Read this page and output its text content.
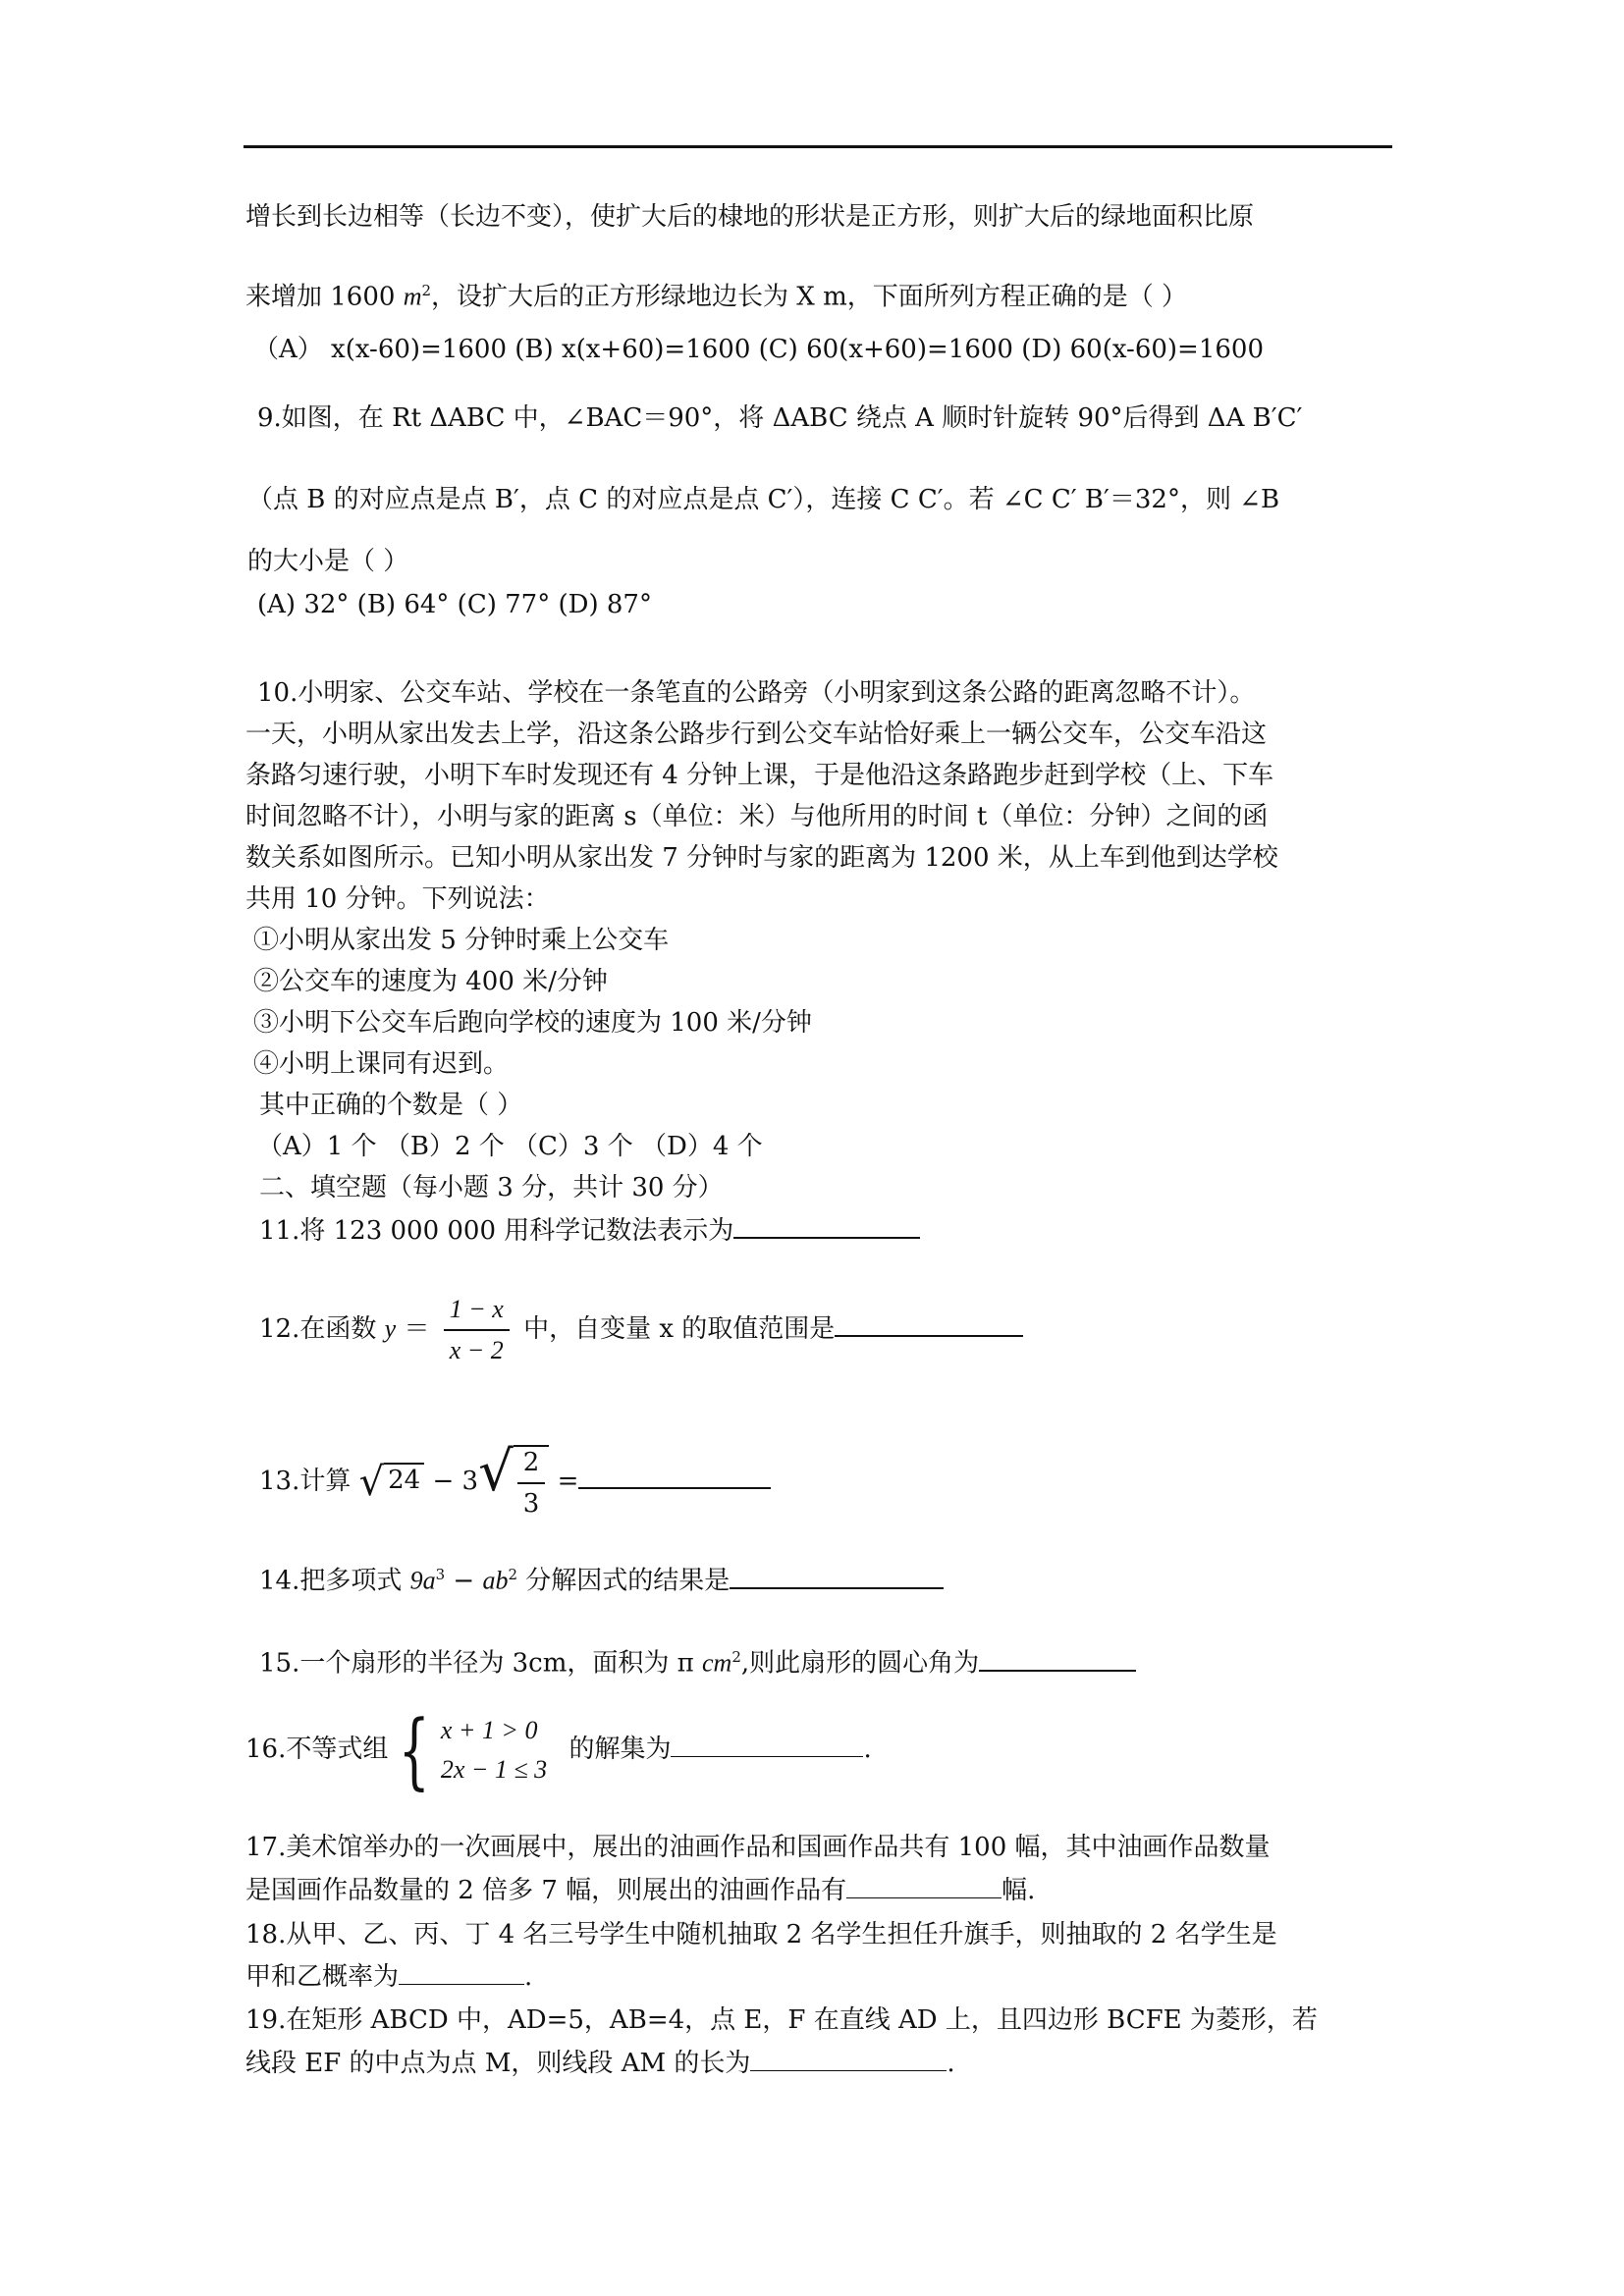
增长到长边相等（长边不变），使扩大后的棣地的形状是正方形，则扩大后的绿地面积比原
来增加 1600 $m^2$，设扩大后的正方形绿地边长为 X m，下面所列方程正确的是（ ）
（A） x(x-60)=1600 (B) x(x+60)=1600 (C) 60(x+60)=1600 (D) 60(x-60)=1600
9.如图，在 Rt ΔABC 中，∠BAC＝90°，将 ΔABC 绕点 A 顺时针旋转 90°后得到 ΔA B′C′
（点 B 的对应点是点 B′，点 C 的对应点是点 C′），连接 C C′。若 ∠C C′ B′＝32°，则 ∠B
的大小是（ ）
(A) 32° (B) 64° (C) 77° (D) 87°
10.小明家、公交车站、学校在一条笔直的公路旁（小明家到这条公路的距离忽略不计）。
一天，小明从家出发去上学，沿这条公路步行到公交车站恰好乘上一辆公交车，公交车沿这
条路匀速行驶，小明下车时发现还有 4 分钟上课，于是他沿这条路跑步赶到学校（上、下车
时间忽略不计），小明与家的距离 s（单位：米）与他所用的时间 t（单位：分钟）之间的函
数关系如图所示。已知小明从家出发 7 分钟时与家的距离为 1200 米，从上车到他到达学校
共用 10 分钟。下列说法：
①小明从家出发 5 分钟时乘上公交车
②公交车的速度为 400 米/分钟
③小明下公交车后跑向学校的速度为 100 米/分钟
④小明上课同有迟到。
其中正确的个数是（ ）
（A）1 个 （B）2 个 （C）3 个 （D）4 个
二、填空题（每小题 3 分，共计 30 分）
11.将 123 000 000 用科学记数法表示为
12.在函数 $y = \frac{1 - x}{x - 2}$ 中，自变量 x 的取值范围是
13.计算 √ 24 − 3 √ $\frac{2}{3}$ =
14.把多项式 $9a^3 - ab^2$ 分解因式的结果是
15.一个扇形的半径为 3cm，面积为 π $cm^2$,则此扇形的圆心角为
16.不等式组 { x + 1 > 0
2x − 1 ≤ 3
的解集为	.
17.美术馆举办的一次画展中，展出的油画作品和国画作品共有 100 幅，其中油画作品数量
是国画作品数量的 2 倍多 7 幅，则展出的油画作品有	幅.
18.从甲、乙、丙、丁 4 名三号学生中随机抽取 2 名学生担任升旗手，则抽取的 2 名学生是
甲和乙概率为	.
19.在矩形 ABCD 中，AD=5，AB=4，点 E，F 在直线 AD 上，且四边形 BCFE 为菱形，若
线段 EF 的中点为点 M，则线段 AM 的长为	.
